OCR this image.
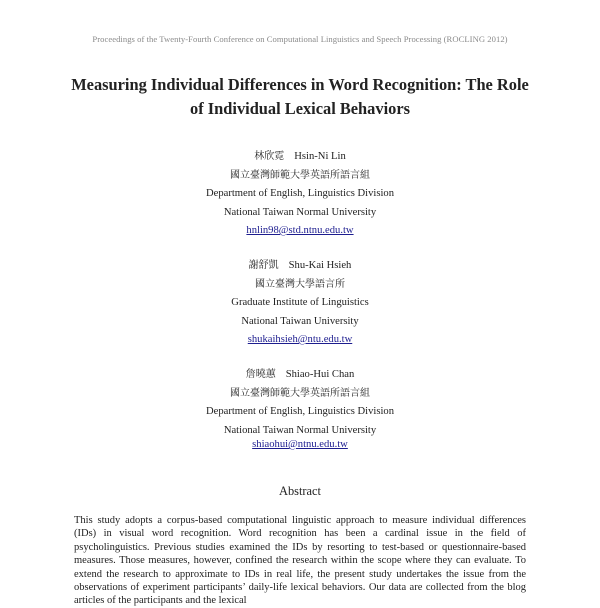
Proceedings of the Twenty-Fourth Conference on Computational Linguistics and Speech Processing (ROCLING 2012)
Measuring Individual Differences in Word Recognition: The Role
of Individual Lexical Behaviors
林欣霓 Hsin-Ni Lin
國立臺灣師範大學英語所語言組
Department of English, Linguistics Division
National Taiwan Normal University
hnlin98@std.ntnu.edu.tw
謝舒凱 Shu-Kai Hsieh
國立臺灣大學語言所
Graduate Institute of Linguistics
National Taiwan University
shukaihsieh@ntu.edu.tw
詹曉蕙 Shiao-Hui Chan
國立臺灣師範大學英語所語言組
Department of English, Linguistics Division
National Taiwan Normal University
shiaohui@ntnu.edu.tw
Abstract
This study adopts a corpus-based computational linguistic approach to measure individual differences (IDs) in visual word recognition. Word recognition has been a cardinal issue in the field of psycholinguistics. Previous studies examined the IDs by resorting to test-based or questionnaire-based measures. Those measures, however, confined the research within the scope where they can evaluate. To extend the research to approximate to IDs in real life, the present study undertakes the issue from the observations of experiment participants’ daily-life lexical behaviors. Our data are collected from the blog articles of the participants and the lexical
